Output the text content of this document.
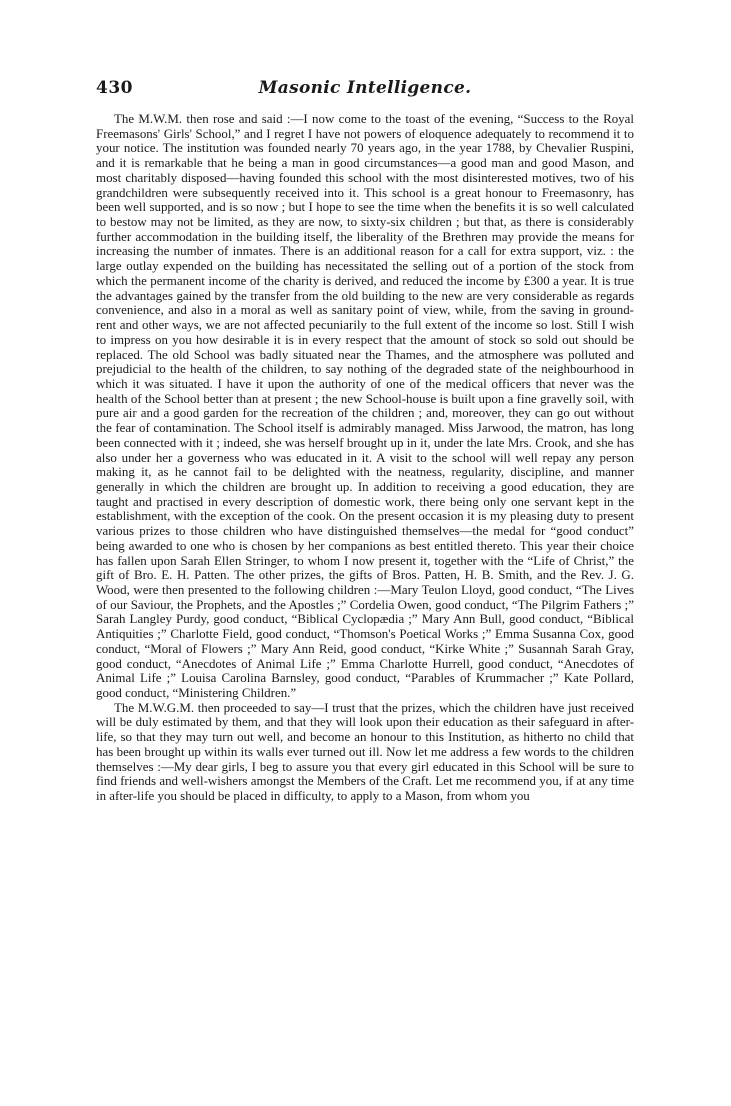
430	Masonic Intelligence.

The M.W.M. then rose and said :—I now come to the toast of the evening, “Success to the Royal Freemasons' Girls' School,” and I regret I have not powers of eloquence adequately to recommend it to your notice. The institution was founded nearly 70 years ago, in the year 1788, by Chevalier Ruspini, and it is remarkable that he being a man in good circumstances—a good man and good Mason, and most charitably disposed—having founded this school with the most disinterested motives, two of his grandchildren were subsequently received into it. This school is a great honour to Freemasonry, has been well supported, and is so now ; but I hope to see the time when the benefits it is so well calculated to bestow may not be limited, as they are now, to sixty-six children ; but that, as there is considerably further accommodation in the building itself, the liberality of the Brethren may provide the means for increasing the number of inmates. There is an additional reason for a call for extra support, viz. : the large outlay expended on the building has necessitated the selling out of a portion of the stock from which the permanent income of the charity is derived, and reduced the income by £300 a year. It is true the advantages gained by the transfer from the old building to the new are very considerable as regards convenience, and also in a moral as well as sanitary point of view, while, from the saving in ground-rent and other ways, we are not affected pecuniarily to the full extent of the income so lost. Still I wish to impress on you how desirable it is in every respect that the amount of stock so sold out should be replaced. The old School was badly situated near the Thames, and the atmosphere was polluted and prejudicial to the health of the children, to say nothing of the degraded state of the neighbourhood in which it was situated. I have it upon the authority of one of the medical officers that never was the health of the School better than at present ; the new School-house is built upon a fine gravelly soil, with pure air and a good garden for the recreation of the children ; and, moreover, they can go out without the fear of contamination. The School itself is admirably managed. Miss Jarwood, the matron, has long been connected with it ; indeed, she was herself brought up in it, under the late Mrs. Crook, and she has also under her a governess who was educated in it. A visit to the school will well repay any person making it, as he cannot fail to be delighted with the neatness, regularity, discipline, and manner generally in which the children are brought up. In addition to receiving a good education, they are taught and practised in every description of domestic work, there being only one servant kept in the establishment, with the exception of the cook. On the present occasion it is my pleasing duty to present various prizes to those children who have distinguished themselves—the medal for “good conduct” being awarded to one who is chosen by her companions as best entitled thereto. This year their choice has fallen upon Sarah Ellen Stringer, to whom I now present it, together with the “Life of Christ,” the gift of Bro. E. H. Patten. The other prizes, the gifts of Bros. Patten, H. B. Smith, and the Rev. J. G. Wood, were then presented to the following children :—Mary Teulon Lloyd, good conduct, “The Lives of our Saviour, the Prophets, and the Apostles ;” Cordelia Owen, good conduct, “The Pilgrim Fathers ;” Sarah Langley Purdy, good conduct, “Biblical Cyclopædia ;” Mary Ann Bull, good conduct, “Biblical Antiquities ;” Charlotte Field, good conduct, “Thomson's Poetical Works ;” Emma Susanna Cox, good conduct, “Moral of Flowers ;” Mary Ann Reid, good conduct, “Kirke White ;” Susannah Sarah Gray, good conduct, “Anecdotes of Animal Life ;” Emma Charlotte Hurrell, good conduct, “Anecdotes of Animal Life ;” Louisa Carolina Barnsley, good conduct, “Parables of Krummacher ;” Kate Pollard, good conduct, “Ministering Children.”

The M.W.G.M. then proceeded to say—I trust that the prizes, which the children have just received will be duly estimated by them, and that they will look upon their education as their safeguard in after-life, so that they may turn out well, and become an honour to this Institution, as hitherto no child that has been brought up within its walls ever turned out ill. Now let me address a few words to the children themselves :—My dear girls, I beg to assure you that every girl educated in this School will be sure to find friends and well-wishers amongst the Members of the Craft. Let me recommend you, if at any time in after-life you should be placed in difficulty, to apply to a Mason, from whom you
